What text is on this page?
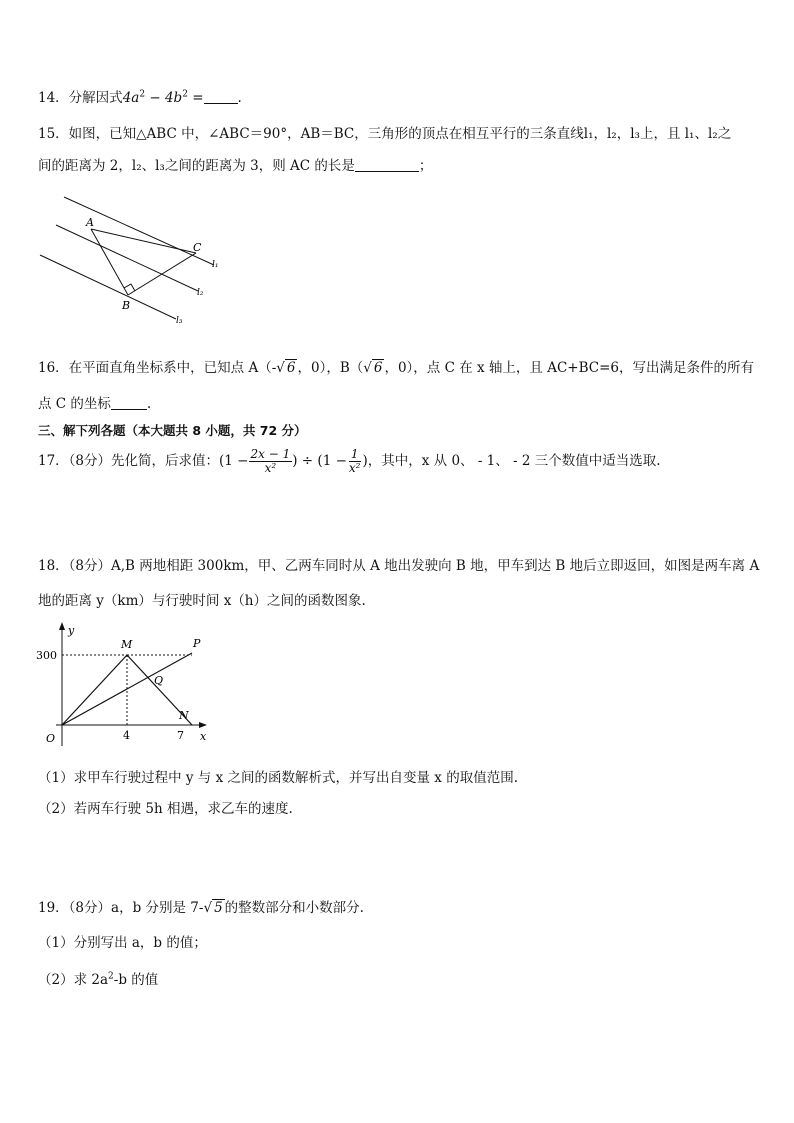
14．分解因式$4a^2 - 4b^2$ =	.
15．如图，已知△ABC 中，∠ABC＝90°，AB＝BC，三角形的顶点在相互平行的三条直线l₁，l₂，l₃上，且 l₁、l₂之
间的距离为 2，l₂、l₃之间的距离为 3，则 AC 的长是	；
A
B
C
l₁
l₂
l₃
16．在平面直角坐标系中，已知点 A（-√ 6 ，0），B（√ 6 ，0），点 C 在 x 轴上，且 AC+BC=6，写出满足条件的所有
点 C 的坐标	.
三、解下列各题（本大题共 8 小题，共 72 分）
17．（8分）先化简，后求值：($1 - \frac{2x - 1}{\text{x²}}$ ) ÷ ($1 - \frac{1}{\text{x²}}$ )，其中，x 从 0、 - 1、 - 2 三个数值中适当选取.
18．（8分）A,B 两地相距 300km，甲、乙两车同时从 A 地出发驶向 B 地，甲车到达 B 地后立即返回，如图是两车离 A
地的距离 y（km）与行驶时间 x（h）之间的函数图象.
y
x
O
300
4	7
M	P
Q
N
（1）求甲车行驶过程中 y 与 x 之间的函数解析式，并写出自变量 x 的取值范围.
（2）若两车行驶 5h 相遇，求乙车的速度.
19．（8分）a，b 分别是 7-√ 5 的整数部分和小数部分.
（1）分别写出 a，b 的值；
（2）求 $2a^2-b$ 的值
